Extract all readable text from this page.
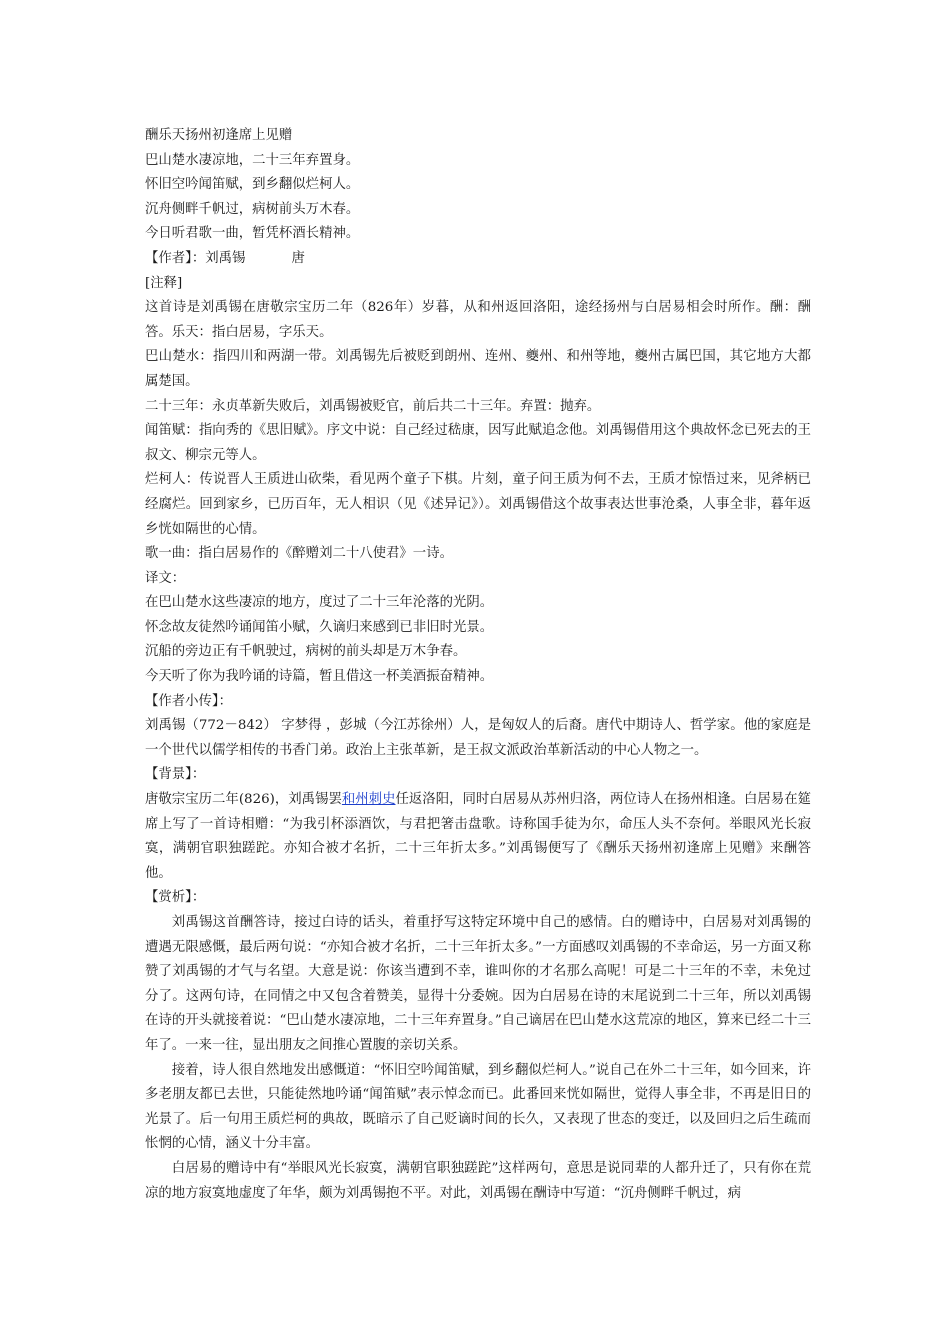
酬乐天扬州初逢席上见赠

巴山楚水凄凉地，二十三年弃置身。

怀旧空吟闻笛赋，到乡翻似烂柯人。

沉舟侧畔千帆过，病树前头万木春。

今日听君歌一曲，暂凭杯酒长精神。

【作者】：刘禹锡	唐

[注释]

这首诗是刘禹锡在唐敬宗宝历二年（826年）岁暮，从和州返回洛阳，途经扬州与白居易相会时所作。酬：酬答。乐天：指白居易，字乐天。

巴山楚水：指四川和两湖一带。刘禹锡先后被贬到朗州、连州、夔州、和州等地，夔州古属巴国，其它地方大都属楚国。

二十三年：永贞革新失败后，刘禹锡被贬官，前后共二十三年。弃置：抛弃。

闻笛赋：指向秀的《思旧赋》。序文中说：自己经过嵇康，因写此赋追念他。刘禹锡借用这个典故怀念已死去的王叔文、柳宗元等人。

烂柯人：传说晋人王质进山砍柴，看见两个童子下棋。片刻，童子问王质为何不去，王质才惊悟过来，见斧柄已经腐烂。回到家乡，已历百年，无人相识（见《述异记》）。刘禹锡借这个故事表达世事沧桑，人事全非，暮年返乡恍如隔世的心情。

歌一曲：指白居易作的《醉赠刘二十八使君》一诗。

译文：

在巴山楚水这些凄凉的地方，度过了二十三年沦落的光阴。

怀念故友徒然吟诵闻笛小赋，久谪归来感到已非旧时光景。

沉船的旁边正有千帆驶过，病树的前头却是万木争春。

今天听了你为我吟诵的诗篇，暂且借这一杯美酒振奋精神。

【作者小传】：

刘禹锡（772－842） 字梦得 ，彭城（今江苏徐州）人，是匈奴人的后裔。唐代中期诗人、哲学家。他的家庭是一个世代以儒学相传的书香门弟。政治上主张革新，是王叔文派政治革新活动的中心人物之一。

【背景】：

唐敬宗宝历二年(826)，刘禹锡罢和州刺史任返洛阳，同时白居易从苏州归洛，两位诗人在扬州相逢。白居易在筵席上写了一首诗相赠：“为我引杯添酒饮，与君把箸击盘歌。诗称国手徒为尔，命压人头不奈何。举眼风光长寂寞，满朝官职独蹉跎。亦知合被才名折，二十三年折太多。”刘禹锡便写了《酬乐天扬州初逢席上见赠》来酬答他。

【赏析】：

刘禹锡这首酬答诗，接过白诗的话头，着重抒写这特定环境中自己的感情。白的赠诗中，白居易对刘禹锡的遭遇无限感慨，最后两句说：“亦知合被才名折，二十三年折太多。”一方面感叹刘禹锡的不幸命运，另一方面又称赞了刘禹锡的才气与名望。大意是说：你该当遭到不幸，谁叫你的才名那么高呢！可是二十三年的不幸，未免过分了。这两句诗，在同情之中又包含着赞美，显得十分委婉。因为白居易在诗的末尾说到二十三年，所以刘禹锡在诗的开头就接着说：“巴山楚水凄凉地，二十三年弃置身。”自己谪居在巴山楚水这荒凉的地区，算来已经二十三年了。一来一往，显出朋友之间推心置腹的亲切关系。

接着，诗人很自然地发出感慨道：“怀旧空吟闻笛赋，到乡翻似烂柯人。”说自己在外二十三年，如今回来，许多老朋友都已去世，只能徒然地吟诵“闻笛赋”表示悼念而已。此番回来恍如隔世，觉得人事全非，不再是旧日的光景了。后一句用王质烂柯的典故，既暗示了自己贬谪时间的长久，又表现了世态的变迁，以及回归之后生疏而怅惘的心情，涵义十分丰富。

白居易的赠诗中有“举眼风光长寂寞，满朝官职独蹉跎”这样两句，意思是说同辈的人都升迁了，只有你在荒凉的地方寂寞地虚度了年华，颇为刘禹锡抱不平。对此，刘禹锡在酬诗中写道：“沉舟侧畔千帆过，病
